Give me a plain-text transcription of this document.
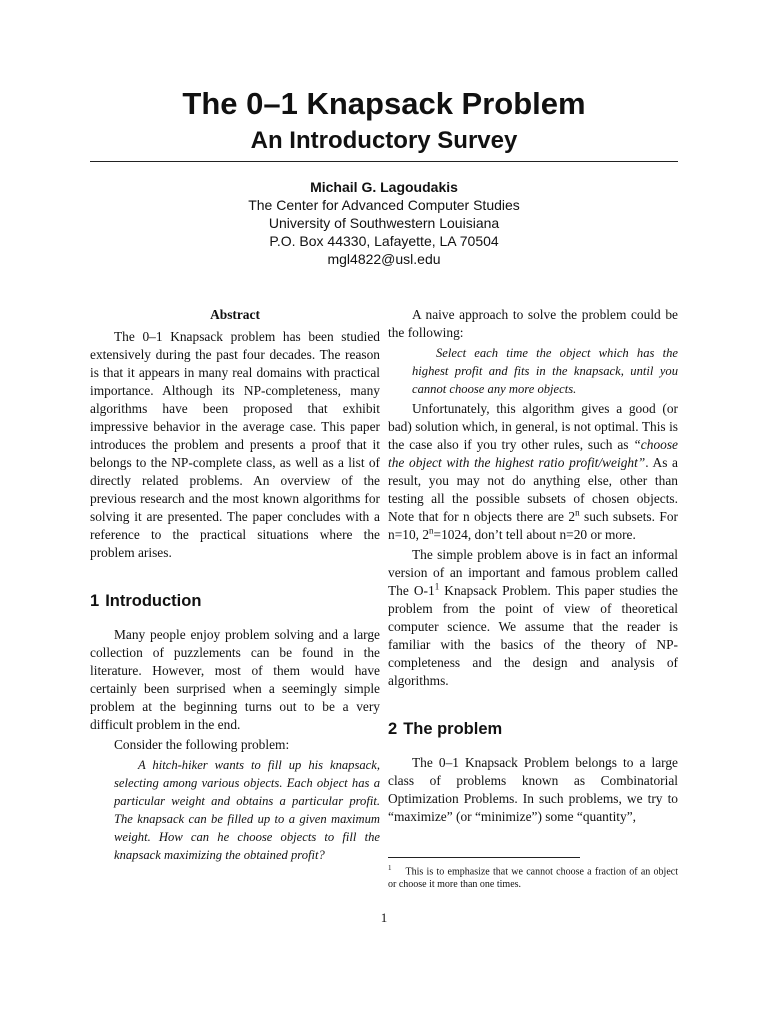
The 0–1 Knapsack Problem
An Introductory Survey
Michail G. Lagoudakis
The Center for Advanced Computer Studies
University of Southwestern Louisiana
P.O. Box 44330, Lafayette, LA 70504
mgl4822@usl.edu
Abstract

The 0–1 Knapsack problem has been studied extensively during the past four decades. The reason is that it appears in many real domains with practical importance. Although its NP-completeness, many algorithms have been proposed that exhibit impressive behavior in the average case. This paper introduces the problem and presents a proof that it belongs to the NP-complete class, as well as a list of directly related problems. An overview of the previous research and the most known algorithms for solving it are presented. The paper concludes with a reference to the practical situations where the problem arises.

1 Introduction

Many people enjoy problem solving and a large collection of puzzlements can be found in the literature. However, most of them would have certainly been surprised when a seemingly simple problem at the beginning turns out to be a very difficult problem in the end.

Consider the following problem:

A hitch-hiker wants to fill up his knapsack, selecting among various objects. Each object has a particular weight and obtains a particular profit. The knapsack can be filled up to a given maximum weight. How can he choose objects to fill the knapsack maximizing the obtained profit?

A naive approach to solve the problem could be the following:

Select each time the object which has the highest profit and fits in the knapsack, until you cannot choose any more objects.

Unfortunately, this algorithm gives a good (or bad) solution which, in general, is not optimal. This is the case also if you try other rules, such as “choose the object with the highest ratio profit/weight”. As a result, you may not do anything else, other than testing all the possible subsets of chosen objects. Note that for n objects there are 2$^n$ such subsets. For n=10, $2^n=1024$, don’t tell about n=20 or more.

The simple problem above is in fact an informal version of an important and famous problem called The $O-1^1$ Knapsack Problem. This paper studies the problem from the point of view of theoretical computer science. We assume that the reader is familiar with the basics of the theory of NP-completeness and the design and analysis of algorithms.

2 The problem

The 0–1 Knapsack Problem belongs to a large class of problems known as Combinatorial Optimization Problems. In such problems, we try to “maximize” (or “minimize”) some “quantity”,

$^1$ This is to emphasize that we cannot choose a fraction of an object or choose it more than one times.
1
